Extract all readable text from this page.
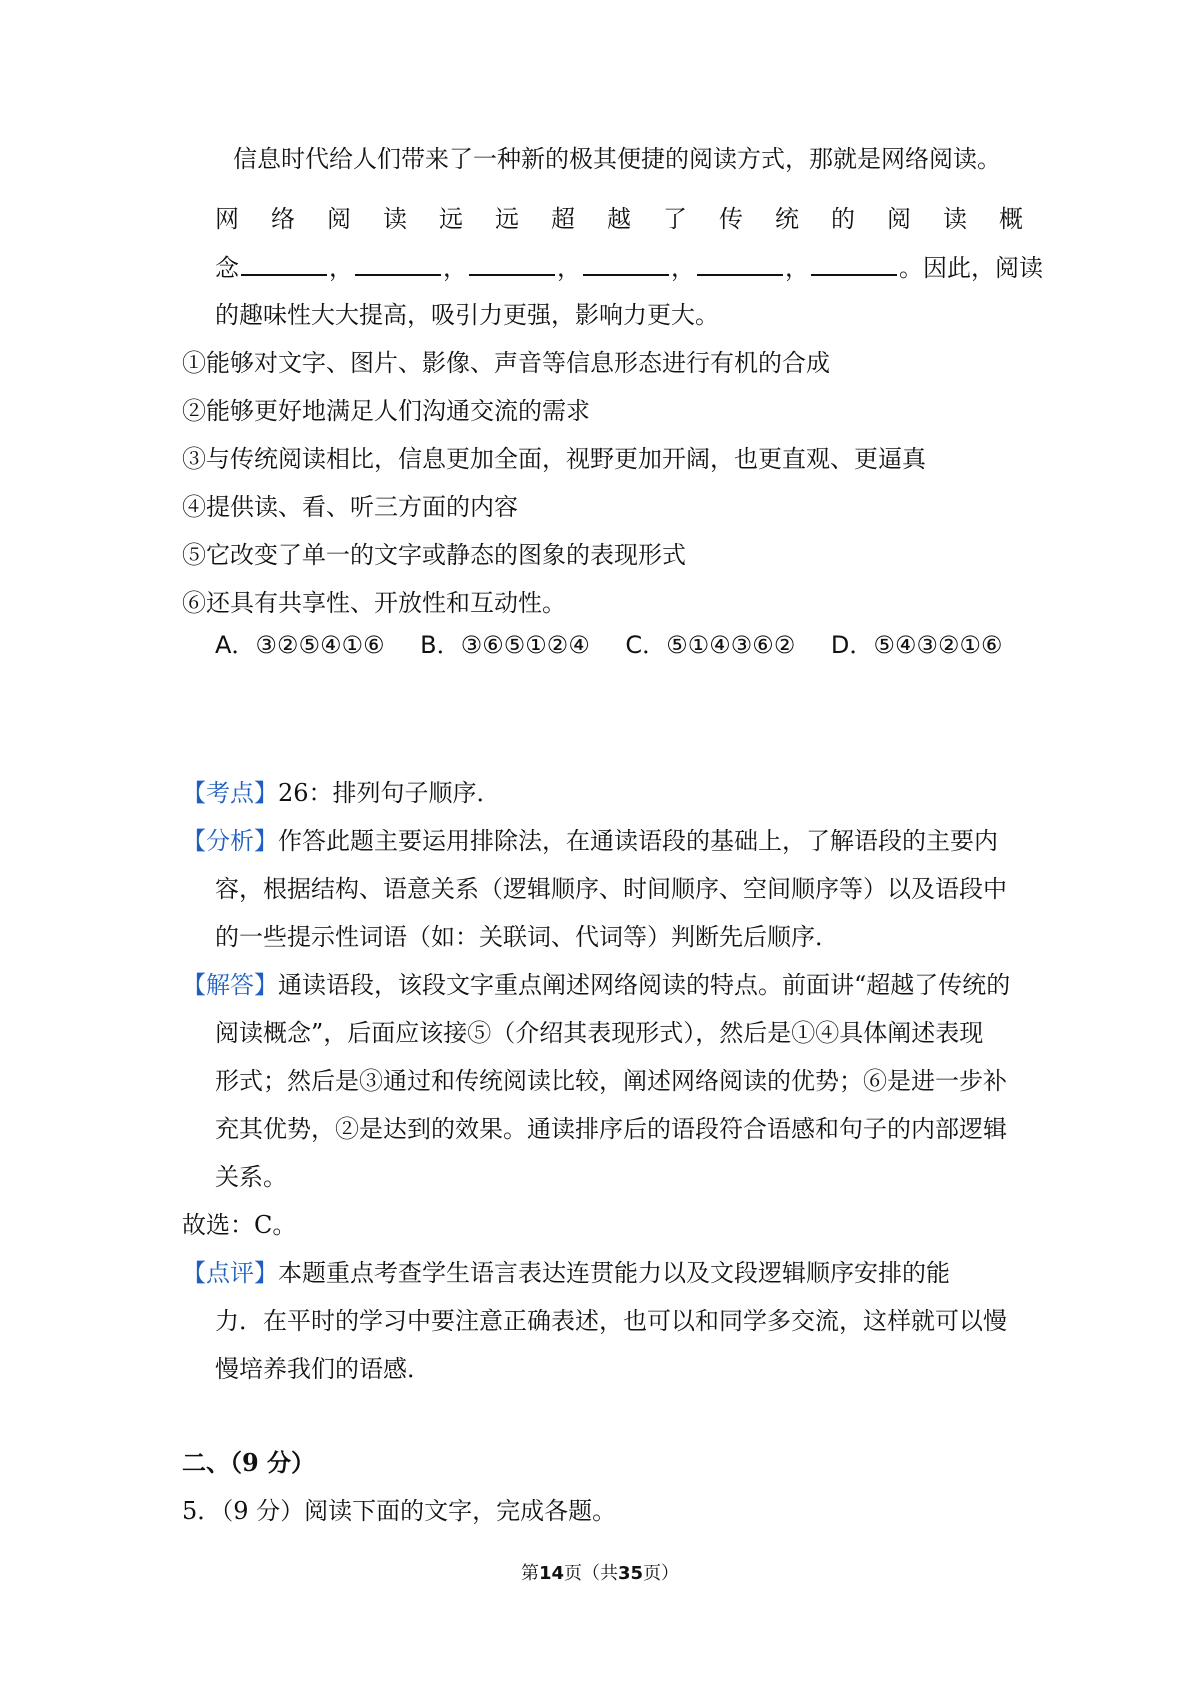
信息时代给人们带来了一种新的极其便捷的阅读方式，那就是网络阅读。
网 络 阅 读 远 远 超 越 了 传 统 的 阅 读 概
念	，	，	，	，	，	。因此，阅读
的趣味性大大提高，吸引力更强，影响力更大。
①能够对文字、图片、影像、声音等信息形态进行有机的合成
②能够更好地满足人们沟通交流的需求
③与传统阅读相比，信息更加全面，视野更加开阔，也更直观、更逼真
④提供读、看、听三方面的内容
⑤它改变了单一的文字或静态的图象的表现形式
⑥还具有共享性、开放性和互动性。
A．③②⑤④①⑥ B．③⑥⑤①②④ C．⑤①④③⑥② D．⑤④③②①⑥
【考点】26：排列句子顺序．
【分析】作答此题主要运用排除法，在通读语段的基础上，了解语段的主要内
容，根据结构、语意关系（逻辑顺序、时间顺序、空间顺序等）以及语段中
的一些提示性词语（如：关联词、代词等）判断先后顺序．
【解答】通读语段，该段文字重点阐述网络阅读的特点。前面讲“超越了传统的
阅读概念”，后面应该接⑤（介绍其表现形式），然后是①④具体阐述表现
形式；然后是③通过和传统阅读比较，阐述网络阅读的优势；⑥是进一步补
充其优势，②是达到的效果。通读排序后的语段符合语感和句子的内部逻辑
关系。
故选：C。
【点评】本题重点考查学生语言表达连贯能力以及文段逻辑顺序安排的能
力．在平时的学习中要注意正确表述，也可以和同学多交流，这样就可以慢
慢培养我们的语感．
二、（9 分）
5．（9 分）阅读下面的文字，完成各题。
第14页（共35页）
